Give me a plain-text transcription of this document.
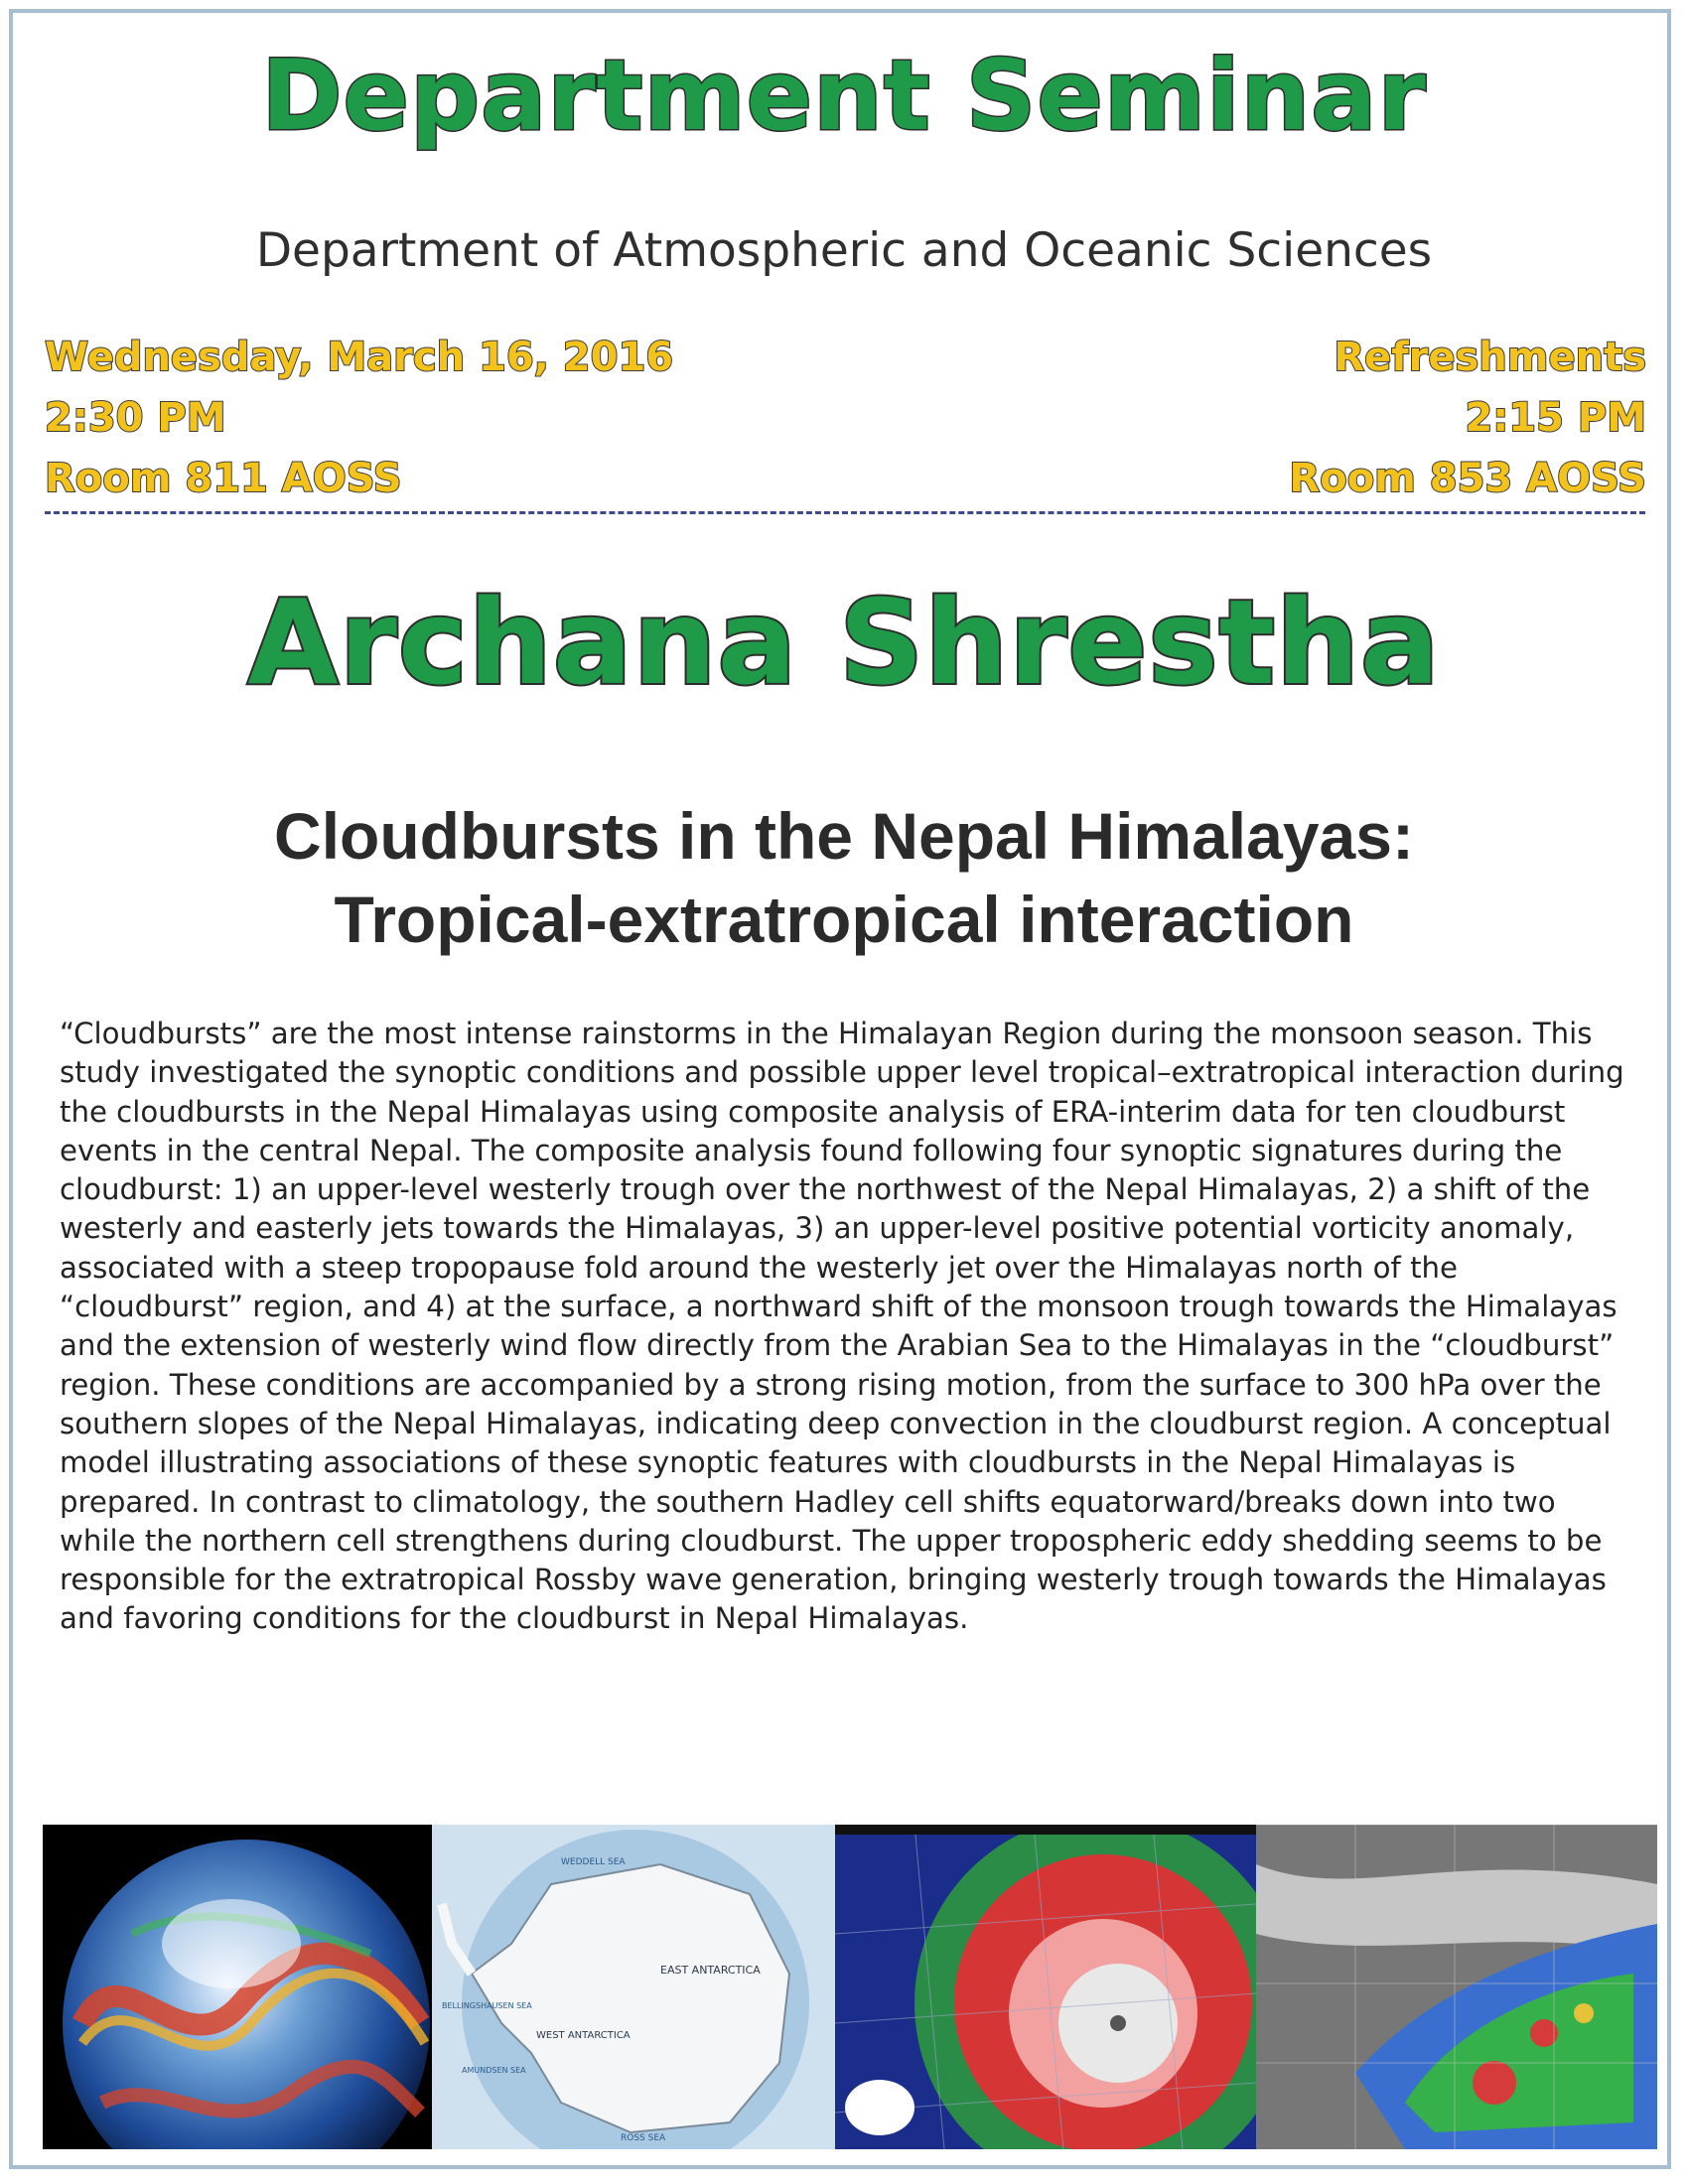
Department Seminar
Department of Atmospheric and Oceanic Sciences
Wednesday, March 16, 2016
2:30 PM
Room 811 AOSS
Refreshments
2:15 PM
Room 853 AOSS
Archana Shrestha
Cloudbursts in the Nepal Himalayas:
Tropical-extratropical interaction
“Cloudbursts” are the most intense rainstorms in the Himalayan Region during the monsoon season. This study investigated the synoptic conditions and possible upper level tropical–extratropical interaction during the cloudbursts in the Nepal Himalayas using composite analysis of ERA-interim data for ten cloudburst events in the central Nepal. The composite analysis found following four synoptic signatures during the cloudburst: 1) an upper-level westerly trough over the northwest of the Nepal Himalayas, 2) a shift of the westerly and easterly jets towards the Himalayas, 3) an upper-level positive potential vorticity anomaly, associated with a steep tropopause fold around the westerly jet over the Himalayas north of the “cloudburst” region, and 4) at the surface, a northward shift of the monsoon trough towards the Himalayas and the extension of westerly wind flow directly from the Arabian Sea to the Himalayas in the “cloudburst” region. These conditions are accompanied by a strong rising motion, from the surface to 300 hPa over the southern slopes of the Nepal Himalayas, indicating deep convection in the cloudburst region. A conceptual model illustrating associations of these synoptic features with cloudbursts in the Nepal Himalayas is prepared. In contrast to climatology, the southern Hadley cell shifts equatorward/breaks down into two while the northern cell strengthens during cloudburst. The upper tropospheric eddy shedding seems to be responsible for the extratropical Rossby wave generation, bringing westerly trough towards the Himalayas and favoring conditions for the cloudburst in Nepal Himalayas.
EAST ANTARCTICA
WEST ANTARCTICA
WEDDELL SEA
ROSS SEA
AMUNDSEN SEA
BELLINGSHAUSEN SEA
